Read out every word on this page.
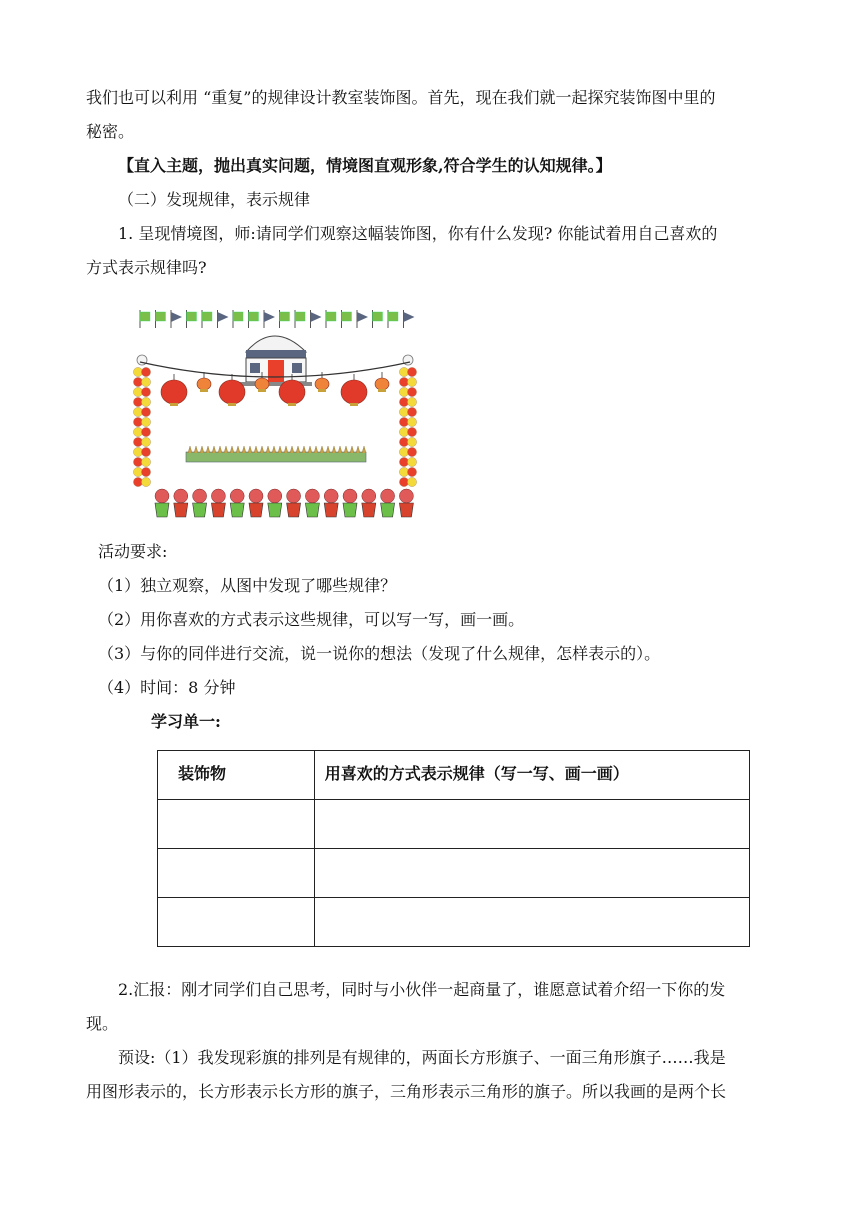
我们也可以利用 “重复”的规律设计教室装饰图。首先，现在我们就一起探究装饰图中里的
秘密。
【直入主题，抛出真实问题，情境图直观形象,符合学生的认知规律。】
（二）发现规律，表示规律
1. 呈现情境图，师:请同学们观察这幅装饰图，你有什么发现? 你能试着用自己喜欢的
方式表示规律吗?
活动要求:
（1）独立观察，从图中发现了哪些规律？
（2）用你喜欢的方式表示这些规律，可以写一写，画一画。
（3）与你的同伴进行交流，说一说你的想法（发现了什么规律，怎样表示的）。
（4）时间：8 分钟
学习单一:
装饰物	用喜欢的方式表示规律（写一写、画一画）

2.汇报：刚才同学们自己思考，同时与小伙伴一起商量了，谁愿意试着介绍一下你的发
现。
预设:（1）我发现彩旗的排列是有规律的，两面长方形旗子、一面三角形旗子……我是
用图形表示的，长方形表示长方形的旗子，三角形表示三角形的旗子。所以我画的是两个长
